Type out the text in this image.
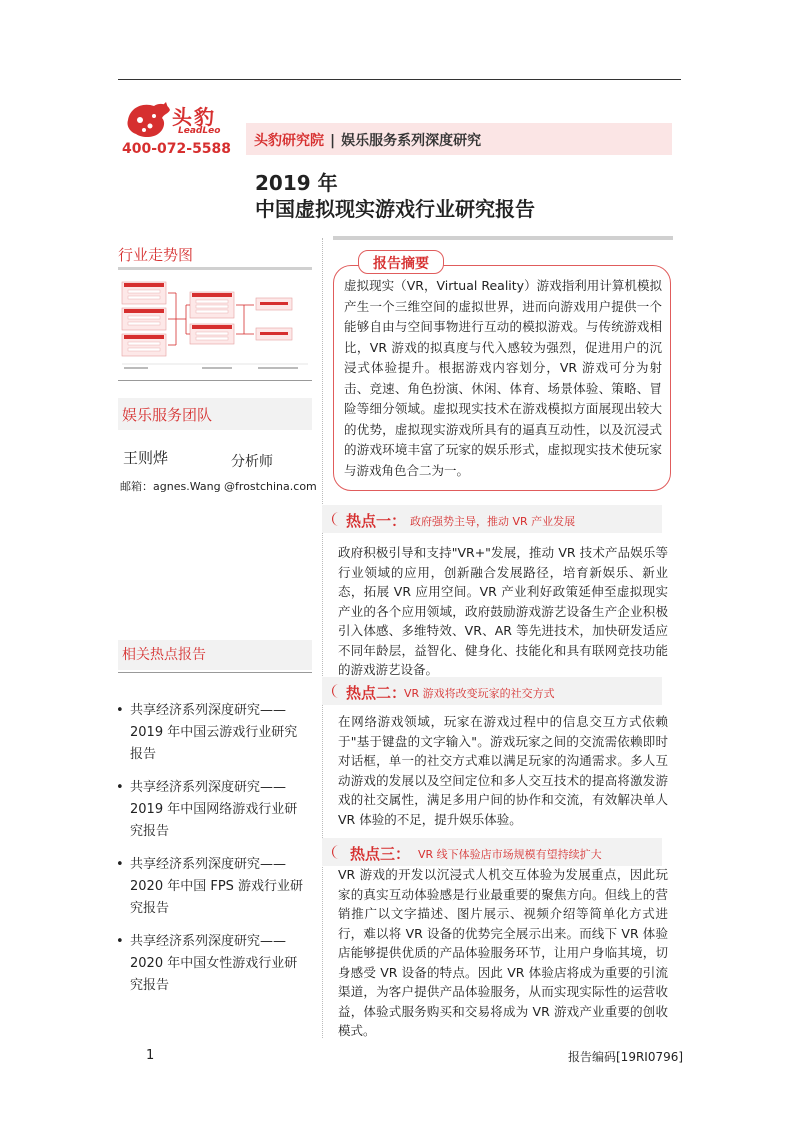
头豹
LeadLeo
400-072-5588	头豹研究院 | 娱乐服务系列深度研究
2019 年
中国虚拟现实游戏行业研究报告
行业走势图
娱乐服务团队
王则烨	分析师
邮箱：agnes.Wang @frostchina.com
相关热点报告
• 共享经济系列深度研究——
2019 年中国云游戏行业研究
报告
• 共享经济系列深度研究——
2019 年中国网络游戏行业研
究报告
• 共享经济系列深度研究——
2020 年中国 FPS 游戏行业研
究报告
• 共享经济系列深度研究——
2020 年中国女性游戏行业研
究报告
报告摘要
虚拟现实（VR，Virtual Reality）游戏指利用计算机模拟产生一个三维空间的虚拟世界，进而向游戏用户提供一个能够自由与空间事物进行互动的模拟游戏。与传统游戏相比，VR 游戏的拟真度与代入感较为强烈，促进用户的沉浸式体验提升。根据游戏内容划分，VR 游戏可分为射击、竞速、角色扮演、休闲、体育、场景体验、策略、冒险等细分领域。虚拟现实技术在游戏模拟方面展现出较大的优势，虚拟现实游戏所具有的逼真互动性，以及沉浸式的游戏环境丰富了玩家的娱乐形式，虚拟现实技术使玩家与游戏角色合二为一。
热点一： 政府强势主导，推动 VR 产业发展
政府积极引导和支持"VR+"发展，推动 VR 技术产品娱乐等行业领域的应用，创新融合发展路径，培育新娱乐、新业态，拓展 VR 应用空间。VR 产业利好政策延伸至虚拟现实产业的各个应用领域，政府鼓励游戏游艺设备生产企业积极引入体感、多维特效、VR、AR 等先进技术，加快研发适应不同年龄层，益智化、健身化、技能化和具有联网竞技功能的游戏游艺设备。
热点二：
VR 游戏将改变玩家的社交方式
在网络游戏领域，玩家在游戏过程中的信息交互方式依赖于"基于键盘的文字输入"。游戏玩家之间的交流需依赖即时对话框，单一的社交方式难以满足玩家的沟通需求。多人互动游戏的发展以及空间定位和多人交互技术的提高将激发游戏的社交属性，满足多用户间的协作和交流，有效解决单人 VR 体验的不足，提升娱乐体验。
热点三： VR 线下体验店市场规模有望持续扩大
VR 游戏的开发以沉浸式人机交互体验为发展重点，因此玩家的真实互动体验感是行业最重要的聚焦方向。但线上的营销推广以文字描述、图片展示、视频介绍等简单化方式进行，难以将 VR 设备的优势完全展示出来。而线下 VR 体验店能够提供优质的产品体验服务环节，让用户身临其境，切身感受 VR 设备的特点。因此 VR 体验店将成为重要的引流渠道，为客户提供产品体验服务，从而实现实际性的运营收益，体验式服务购买和交易将成为 VR 游戏产业重要的创收模式。
1	报告编码[19RI0796]
